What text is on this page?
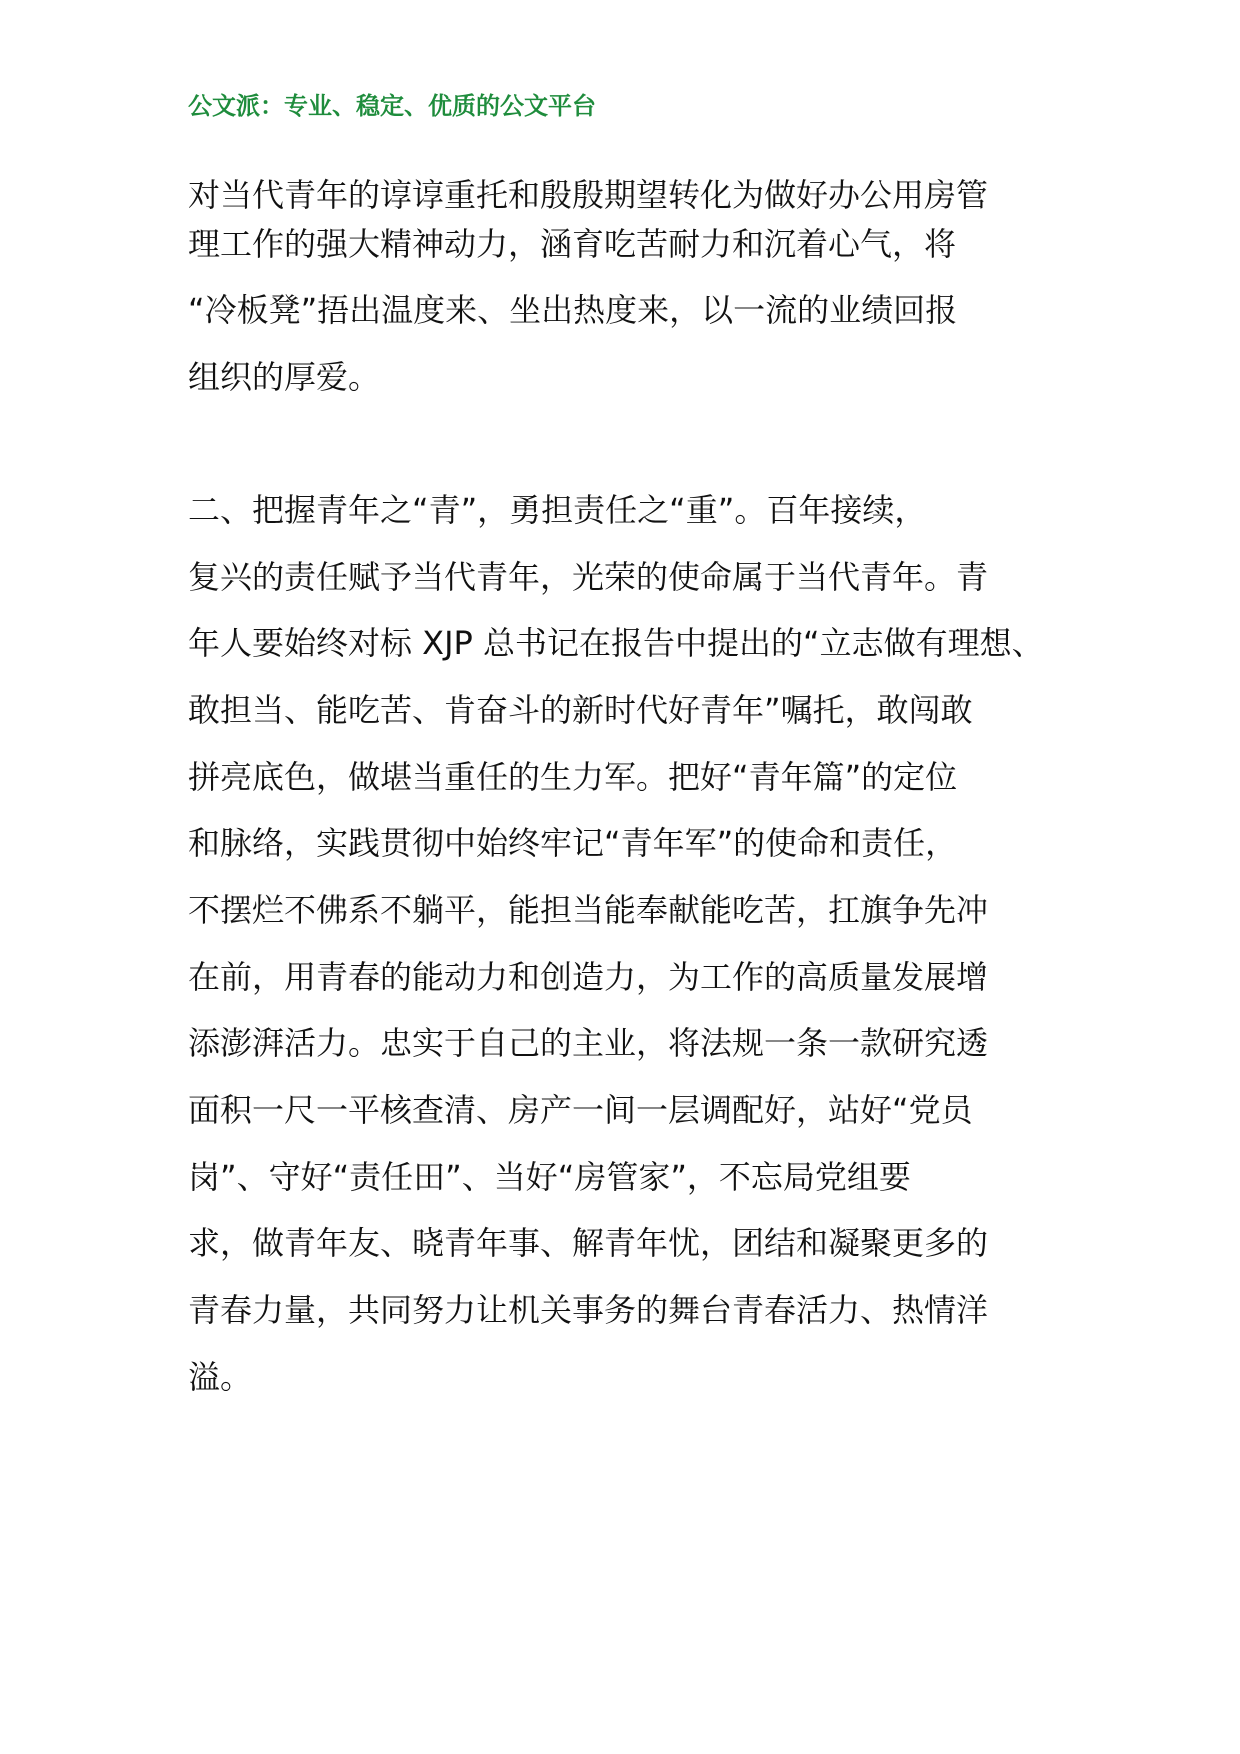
公文派：专业、稳定、优质的公文平台
对当代青年的谆谆重托和殷殷期望转化为做好办公用房管
理工作的强大精神动力，涵育吃苦耐力和沉着心气，将
“冷板凳”捂出温度来、坐出热度来，以一流的业绩回报
组织的厚爱。
二、把握青年之“青”，勇担责任之“重”。百年接续，
复兴的责任赋予当代青年，光荣的使命属于当代青年。青
年人要始终对标 XJP 总书记在报告中提出的“立志做有理想、
敢担当、能吃苦、肯奋斗的新时代好青年”嘱托，敢闯敢
拼亮底色，做堪当重任的生力军。把好“青年篇”的定位
和脉络，实践贯彻中始终牢记“青年军”的使命和责任，
不摆烂不佛系不躺平，能担当能奉献能吃苦，扛旗争先冲
在前，用青春的能动力和创造力，为工作的高质量发展增
添澎湃活力。忠实于自己的主业，将法规一条一款研究透
面积一尺一平核查清、房产一间一层调配好，站好“党员
岗”、守好“责任田”、当好“房管家”，不忘局党组要
求，做青年友、晓青年事、解青年忧，团结和凝聚更多的
青春力量，共同努力让机关事务的舞台青春活力、热情洋
溢。
